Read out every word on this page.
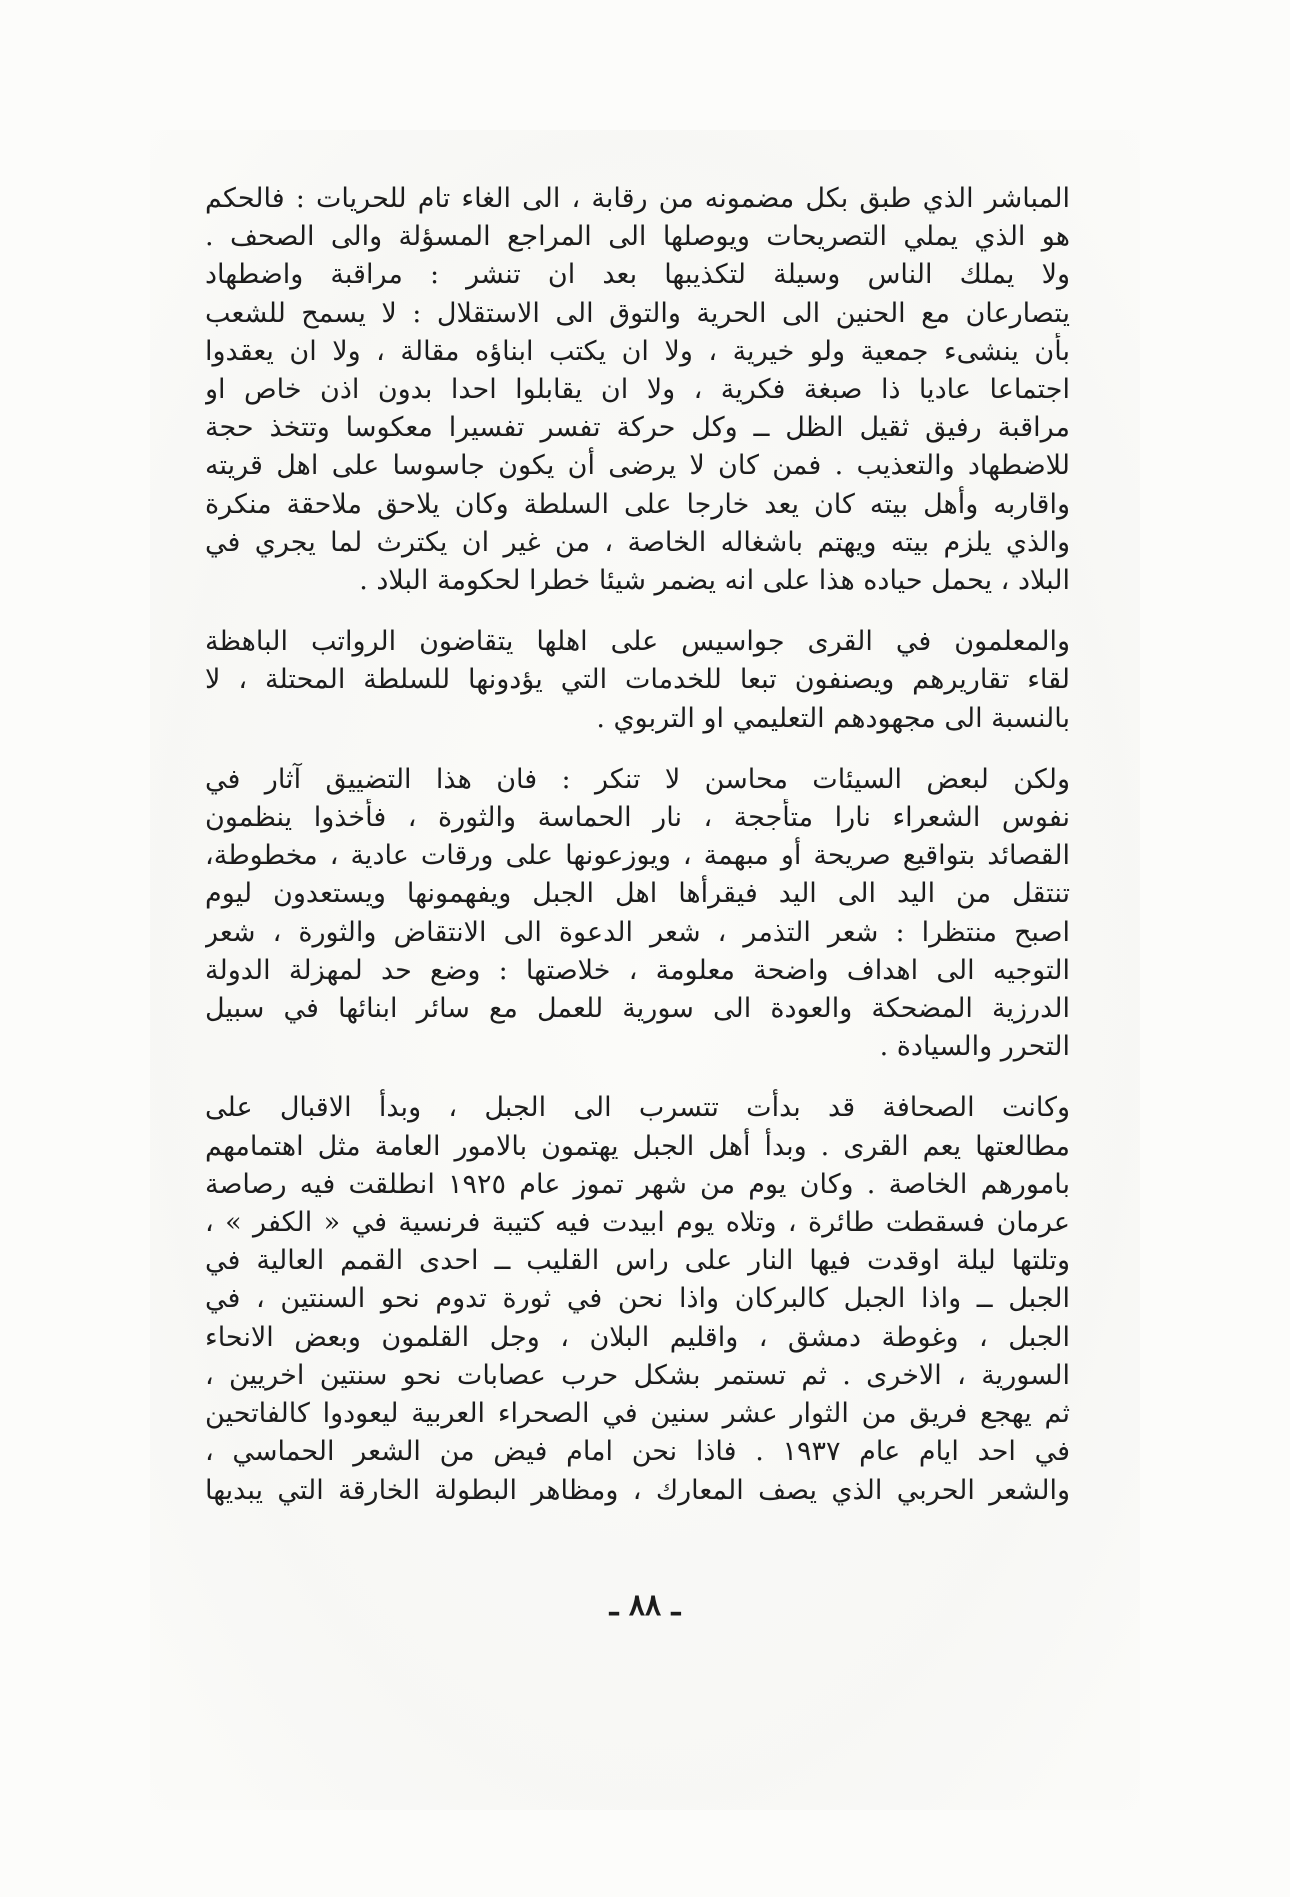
المباشر الذي طبق بكل مضمونه من رقابة ، الى الغاء تام للحريات : فالحكم
هو الذي يملي التصريحات ويوصلها الى المراجع المسؤلة والى الصحف .
ولا يملك الناس وسيلة لتكذيبها بعد ان تنشر : مراقبة واضطهاد
يتصارعان مع الحنين الى الحرية والتوق الى الاستقلال : لا يسمح للشعب
بأن ينشىء جمعية ولو خيرية ، ولا ان يكتب ابناؤه مقالة ، ولا ان يعقدوا
اجتماعا عاديا ذا صبغة فكرية ، ولا ان يقابلوا احدا بدون اذن خاص او
مراقبة رفيق ثقيل الظل ــ وكل حركة تفسر تفسيرا معكوسا وتتخذ حجة
للاضطهاد والتعذيب . فمن كان لا يرضى أن يكون جاسوسا على اهل قريته
واقاربه وأهل بيته كان يعد خارجا على السلطة وكان يلاحق ملاحقة منكرة
والذي يلزم بيته ويهتم باشغاله الخاصة ، من غير ان يكترث لما يجري في
البلاد ، يحمل حياده هذا على انه يضمر شيئا خطرا لحكومة البلاد .

والمعلمون في القرى جواسيس على اهلها يتقاضون الرواتب الباهظة
لقاء تقاريرهم ويصنفون تبعا للخدمات التي يؤدونها للسلطة المحتلة ، لا
بالنسبة الى مجهودهم التعليمي او التربوي .

ولكن لبعض السيئات محاسن لا تنكر : فان هذا التضييق آثار في
نفوس الشعراء نارا متأججة ، نار الحماسة والثورة ، فأخذوا ينظمون
القصائد بتواقيع صريحة أو مبهمة ، ويوزعونها على ورقات عادية ، مخطوطة،
تنتقل من اليد الى اليد فيقرأها اهل الجبل ويفهمونها ويستعدون ليوم
اصبح منتظرا : شعر التذمر ، شعر الدعوة الى الانتقاض والثورة ، شعر
التوجيه الى اهداف واضحة معلومة ، خلاصتها : وضع حد لمهزلة الدولة
الدرزية المضحكة والعودة الى سورية للعمل مع سائر ابنائها في سبيل
التحرر والسيادة .

وكانت الصحافة قد بدأت تتسرب الى الجبل ، وبدأ الاقبال على
مطالعتها يعم القرى . وبدأ أهل الجبل يهتمون بالامور العامة مثل اهتمامهم
بامورهم الخاصة . وكان يوم من شهر تموز عام ١٩٢٥ انطلقت فيه رصاصة
عرمان فسقطت طائرة ، وتلاه يوم ابيدت فيه كتيبة فرنسية في « الكفر » ،
وتلتها ليلة اوقدت فيها النار على راس القليب ــ احدى القمم العالية في
الجبل ــ واذا الجبل كالبركان واذا نحن في ثورة تدوم نحو السنتين ، في
الجبل ، وغوطة دمشق ، واقليم البلان ، وجل القلمون وبعض الانحاء
السورية ، الاخرى . ثم تستمر بشكل حرب عصابات نحو سنتين اخريين ،
ثم يهجع فريق من الثوار عشر سنين في الصحراء العربية ليعودوا كالفاتحين
في احد ايام عام ١٩٣٧ . فاذا نحن امام فيض من الشعر الحماسي ،
والشعر الحربي الذي يصف المعارك ، ومظاهر البطولة الخارقة التي يبديها

ـ ٨٨ ـ
